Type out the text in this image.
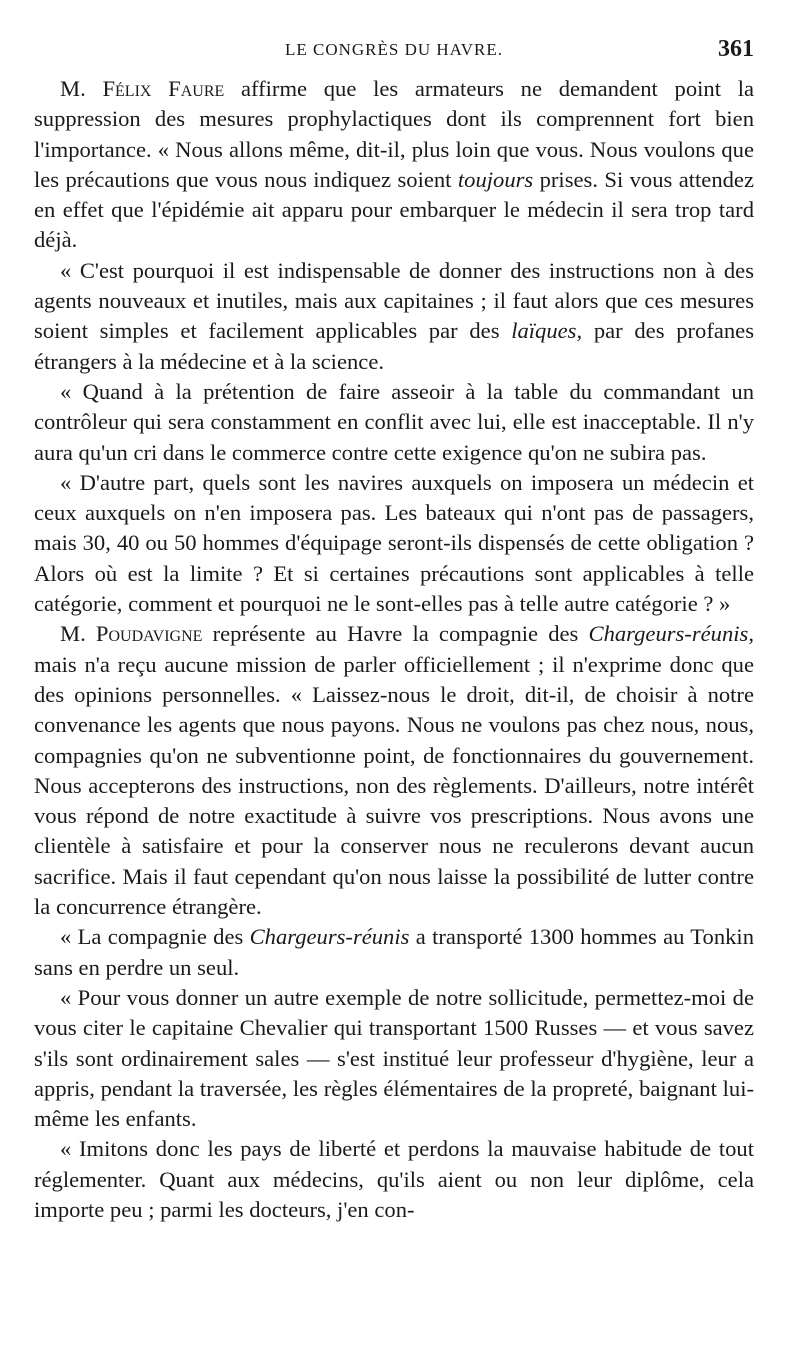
LE CONGRÈS DU HAVRE.	361

M. Félix Faure affirme que les armateurs ne demandent point la suppression des mesures prophylactiques dont ils comprennent fort bien l'importance. « Nous allons même, dit-il, plus loin que vous. Nous voulons que les précautions que vous nous indiquez soient toujours prises. Si vous attendez en effet que l'épidémie ait apparu pour embarquer le médecin il sera trop tard déjà.

« C'est pourquoi il est indispensable de donner des instructions non à des agents nouveaux et inutiles, mais aux capitaines ; il faut alors que ces mesures soient simples et facilement applicables par des laïques, par des profanes étrangers à la médecine et à la science.

« Quand à la prétention de faire asseoir à la table du commandant un contrôleur qui sera constamment en conflit avec lui, elle est inacceptable. Il n'y aura qu'un cri dans le commerce contre cette exigence qu'on ne subira pas.

« D'autre part, quels sont les navires auxquels on imposera un médecin et ceux auxquels on n'en imposera pas. Les bateaux qui n'ont pas de passagers, mais 30, 40 ou 50 hommes d'équipage seront-ils dispensés de cette obligation ? Alors où est la limite ? Et si certaines précautions sont applicables à telle catégorie, comment et pourquoi ne le sont-elles pas à telle autre catégorie ? »

M. Poudavigne représente au Havre la compagnie des Chargeurs-réunis, mais n'a reçu aucune mission de parler officiellement ; il n'exprime donc que des opinions personnelles. « Laissez-nous le droit, dit-il, de choisir à notre convenance les agents que nous payons. Nous ne voulons pas chez nous, nous, compagnies qu'on ne subventionne point, de fonctionnaires du gouvernement. Nous accepterons des instructions, non des règlements. D'ailleurs, notre intérêt vous répond de notre exactitude à suivre vos prescriptions. Nous avons une clientèle à satisfaire et pour la conserver nous ne reculerons devant aucun sacrifice. Mais il faut cependant qu'on nous laisse la possibilité de lutter contre la concurrence étrangère.

« La compagnie des Chargeurs-réunis a transporté 1300 hommes au Tonkin sans en perdre un seul.

« Pour vous donner un autre exemple de notre sollicitude, permettez-moi de vous citer le capitaine Chevalier qui transportant 1500 Russes — et vous savez s'ils sont ordinairement sales — s'est institué leur professeur d'hygiène, leur a appris, pendant la traversée, les règles élémentaires de la propreté, baignant lui-même les enfants.

« Imitons donc les pays de liberté et perdons la mauvaise habitude de tout réglementer. Quant aux médecins, qu'ils aient ou non leur diplôme, cela importe peu ; parmi les docteurs, j'en con-
